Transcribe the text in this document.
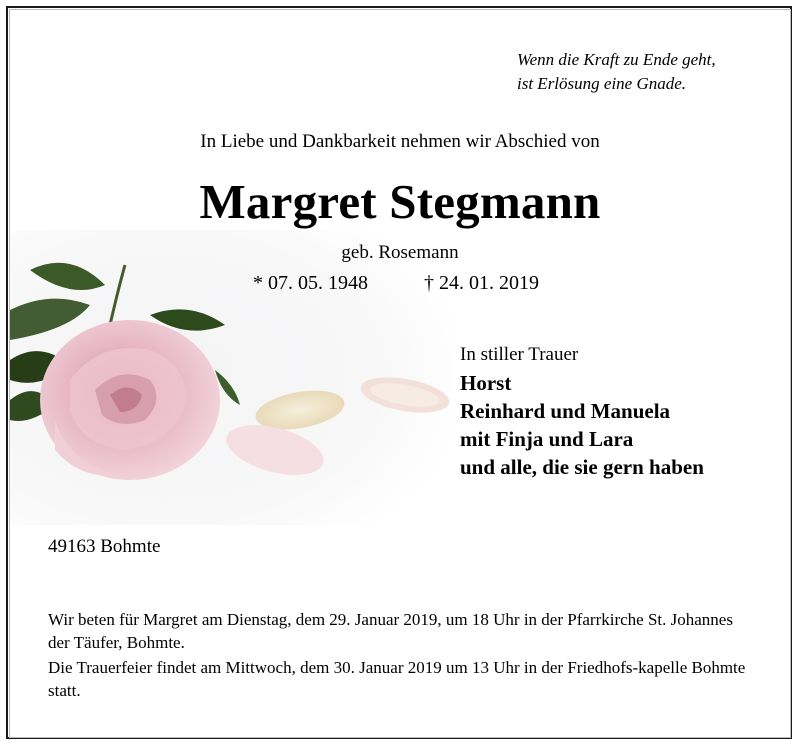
Wenn die Kraft zu Ende geht,
ist Erlösung eine Gnade.
In Liebe und Dankbarkeit nehmen wir Abschied von
Margret Stegmann
geb. Rosemann
* 07. 05. 1948	† 24. 01. 2019
In stiller Trauer
Horst
Reinhard und Manuela
mit Finja und Lara
und alle, die sie gern haben
49163 Bohmte
Wir beten für Margret am Dienstag, dem 29. Januar 2019, um 18 Uhr in der Pfarrkirche St. Johannes der Täufer, Bohmte.
Die Trauerfeier findet am Mittwoch, dem 30. Januar 2019 um 13 Uhr in der Friedhofs-kapelle Bohmte statt.
